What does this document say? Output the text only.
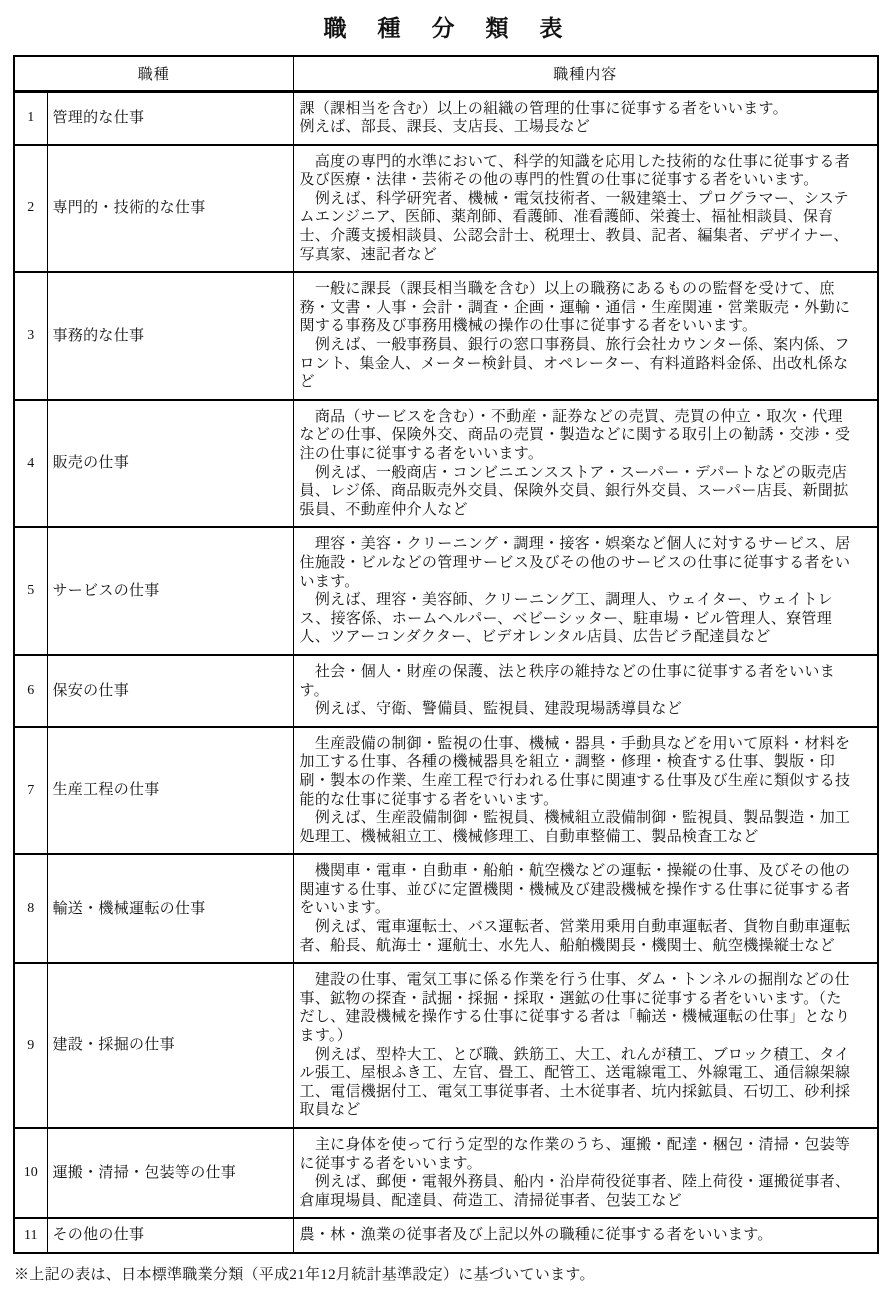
職　種　分　類　表
職種		職種内容
1	管理的な仕事	課（課相当を含む）以上の組織の管理的仕事に従事する者をいいます。
例えば、部長、課長、支店長、工場長など

2	専門的・技術的な仕事	
　高度の専門的水準において、科学的知識を応用した技術的な仕事に従事する者
及び医療・法律・芸術その他の専門的性質の仕事に従事する者をいいます。
　例えば、科学研究者、機械・電気技術者、一級建築士、プログラマー、システ
ムエンジニア、医師、薬剤師、看護師、准看護師、栄養士、福祉相談員、保育
士、介護支援相談員、公認会計士、税理士、教員、記者、編集者、デザイナー、
写真家、速記者など

3	事務的な仕事	
　一般に課長（課長相当職を含む）以上の職務にあるものの監督を受けて、庶
務・文書・人事・会計・調査・企画・運輸・通信・生産関連・営業販売・外勤に
関する事務及び事務用機械の操作の仕事に従事する者をいいます。
　例えば、一般事務員、銀行の窓口事務員、旅行会社カウンター係、案内係、フ
ロント、集金人、メーター検針員、オペレーター、有料道路料金係、出改札係な
ど

4	販売の仕事	
　商品（サービスを含む）・不動産・証券などの売買、売買の仲立・取次・代理
などの仕事、保険外交、商品の売買・製造などに関する取引上の勧誘・交渉・受
注の仕事に従事する者をいいます。
　例えば、一般商店・コンビニエンスストア・スーパー・デパートなどの販売店
員、レジ係、商品販売外交員、保険外交員、銀行外交員、スーパー店長、新聞拡
張員、不動産仲介人など

5	サービスの仕事	
　理容・美容・クリーニング・調理・接客・娯楽など個人に対するサービス、居
住施設・ビルなどの管理サービス及びその他のサービスの仕事に従事する者をい
います。
　例えば、理容・美容師、クリーニング工、調理人、ウェイター、ウェイトレ
ス、接客係、ホームヘルパー、ベビーシッター、駐車場・ビル管理人、寮管理
人、ツアーコンダクター、ビデオレンタル店員、広告ビラ配達員など

6	保安の仕事	　社会・個人・財産の保護、法と秩序の維持などの仕事に従事する者をいいま
す。
　例えば、守衛、警備員、監視員、建設現場誘導員など

7	生産工程の仕事	
　生産設備の制御・監視の仕事、機械・器具・手動具などを用いて原料・材料を
加工する仕事、各種の機械器具を組立・調整・修理・検査する仕事、製版・印
刷・製本の作業、生産工程で行われる仕事に関連する仕事及び生産に類似する技
能的な仕事に従事する者をいいます。
　例えば、生産設備制御・監視員、機械組立設備制御・監視員、製品製造・加工
処理工、機械組立工、機械修理工、自動車整備工、製品検査工など

8	輸送・機械運転の仕事	　機関車・電車・自動車・船舶・航空機などの運転・操縦の仕事、及びその他の
関連する仕事、並びに定置機関・機械及び建設機械を操作する仕事に従事する者
をいいます。
　例えば、電車運転士、バス運転者、営業用乗用自動車運転者、貨物自動車運転
者、船長、航海士・運航士、水先人、船舶機関長・機関士、航空機操縦士など

9	建設・採掘の仕事	
　建設の仕事、電気工事に係る作業を行う仕事、ダム・トンネルの掘削などの仕
事、鉱物の探査・試掘・採掘・採取・選鉱の仕事に従事する者をいいます。（た
だし、建設機械を操作する仕事に従事する者は「輸送・機械運転の仕事」となり
ます。）
　例えば、型枠大工、とび職、鉄筋工、大工、れんが積工、ブロック積工、タイ
ル張工、屋根ふき工、左官、畳工、配管工、送電線電工、外線電工、通信線架線
工、電信機据付工、電気工事従事者、土木従事者、坑内採鉱員、石切工、砂利採
取員など

10	運搬・清掃・包装等の仕事	　主に身体を使って行う定型的な作業のうち、運搬・配達・梱包・清掃・包装等
に従事する者をいいます。
　例えば、郵便・電報外務員、船内・沿岸荷役従事者、陸上荷役・運搬従事者、
倉庫現場員、配達員、荷造工、清掃従事者、包装工など

11	その他の仕事	農・林・漁業の従事者及び上記以外の職種に従事する者をいいます。
※上記の表は、日本標準職業分類（平成21年12月統計基準設定）に基づいています。
